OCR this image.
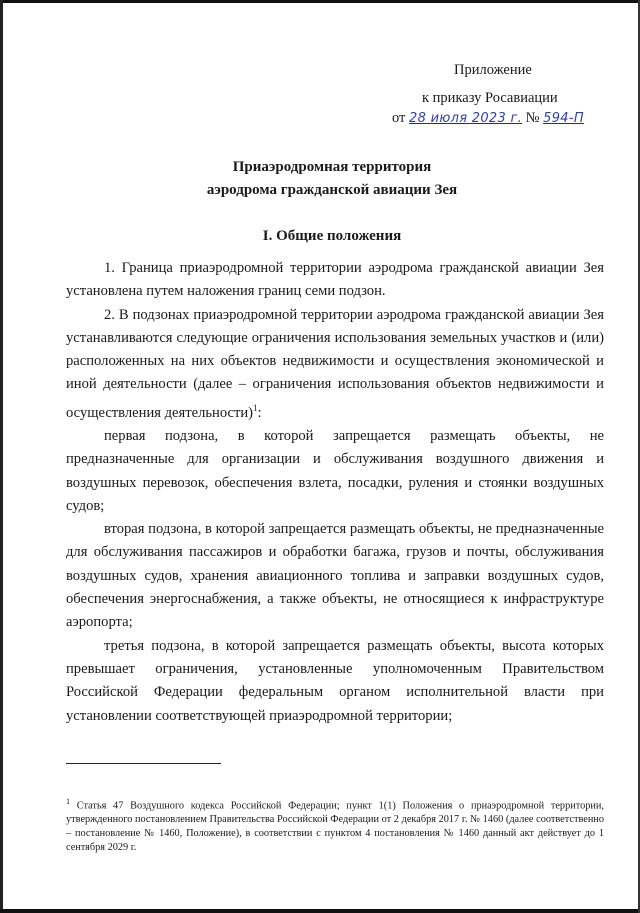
Приложение
к приказу Росавиации
от 28 июля 2023 г. № 594-П
Приаэродромная территория
аэродрома гражданской авиации Зея
I. Общие положения

1. Граница приаэродромной территории аэродрома гражданской авиации Зея установлена путем наложения границ семи подзон.

2. В подзонах приаэродромной территории аэродрома гражданской авиации Зея устанавливаются следующие ограничения использования земельных участков и (или) расположенных на них объектов недвижимости и осуществления экономической и иной деятельности (далее – ограничения использования объектов недвижимости и осуществления деятельности)$^1$:

первая подзона, в которой запрещается размещать объекты, не предназначенные для организации и обслуживания воздушного движения и воздушных перевозок, обеспечения взлета, посадки, руления и стоянки воздушных судов;

вторая подзона, в которой запрещается размещать объекты, не предназначенные для обслуживания пассажиров и обработки багажа, грузов и почты, обслуживания воздушных судов, хранения авиационного топлива и заправки воздушных судов, обеспечения энергоснабжения, а также объекты, не относящиеся к инфраструктуре аэропорта;

третья подзона, в которой запрещается размещать объекты, высота которых превышает ограничения, установленные уполномоченным Правительством Российской Федерации федеральным органом исполнительной власти при установлении соответствующей приаэродромной территории;

$^1$ Статья 47 Воздушного кодекса Российской Федерации; пункт 1(1) Положения о приаэродромной территории, утвержденного постановлением Правительства Российской Федерации от 2 декабря 2017 г. № 1460 (далее соответственно – постановление № 1460, Положение), в соответствии с пунктом 4 постановления № 1460 данный акт действует до 1 сентября 2029 г.
